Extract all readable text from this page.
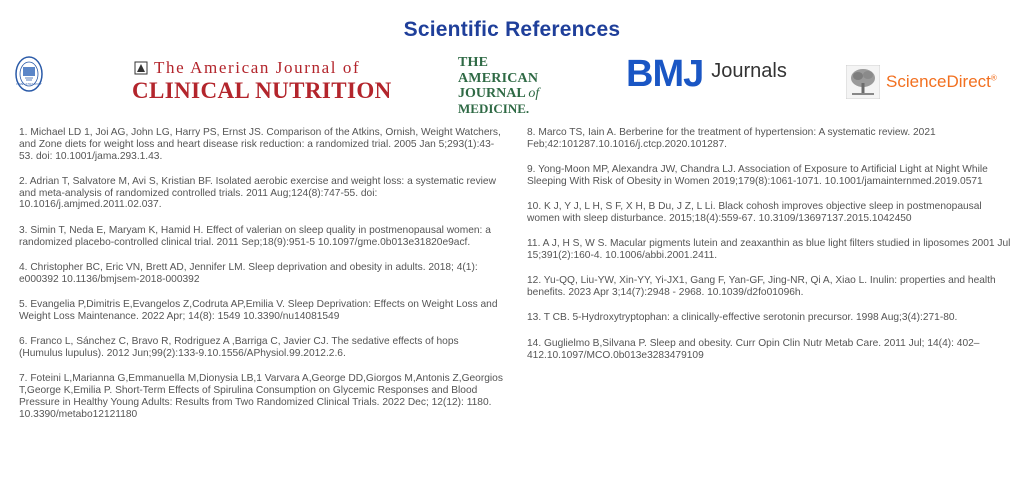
Scientific References
ISSN: 2767-8377
The American Journal of
CLINICAL NUTRITION
THE AMERICAN
JOURNAL of
MEDICINE.
BMJ Journals	ScienceDirect®

1. Michael LD 1, Joi AG, John LG, Harry PS, Ernst JS. Comparison of the Atkins, Ornish, Weight Watchers, and Zone diets for weight loss and heart disease risk reduction: a randomized trial. 2005 Jan 5;293(1):43-53. doi: 10.1001/jama.293.1.43.

2. Adrian T, Salvatore M, Avi S, Kristian BF. Isolated aerobic exercise and weight loss: a systematic review and meta-analysis of randomized controlled trials. 2011 Aug;124(8):747-55. doi: 10.1016/j.amjmed.2011.02.037.

3. Simin T, Neda E, Maryam K, Hamid H. Effect of valerian on sleep quality in postmenopausal women: a randomized placebo-controlled clinical trial. 2011 Sep;18(9):951-5 10.1097/gme.0b013e31820e9acf.

4. Christopher BC, Eric VN, Brett AD, Jennifer LM. Sleep deprivation and obesity in adults. 2018; 4(1): e000392 10.1136/bmjsem-2018-000392

5. Evangelia P,Dimitris E,Evangelos Z,Codruta AP,Emilia V. Sleep Deprivation: Effects on Weight Loss and Weight Loss Maintenance. 2022 Apr; 14(8): 1549 10.3390/nu14081549

6. Franco L, Sánchez C, Bravo R, Rodriguez A ,Barriga C, Javier CJ. The sedative effects of hops (Humulus lupulus). 2012 Jun;99(2):133-9.10.1556/APhysiol.99.2012.2.6.

7. Foteini L,Marianna G,Emmanuella M,Dionysia LB,1 Varvara A,George DD,Giorgos M,Antonis Z,Georgios T,George K,Emilia P. Short-Term Effects of Spirulina Consumption on Glycemic Responses and Blood Pressure in Healthy Young Adults: Results from Two Randomized Clinical Trials. 2022 Dec; 12(12): 1180. 10.3390/metabo12121180

8. Marco TS, Iain A. Berberine for the treatment of hypertension: A systematic review. 2021 Feb;42:101287.10.1016/j.ctcp.2020.101287.

9. Yong-Moon MP, Alexandra JW, Chandra LJ. Association of Exposure to Artificial Light at Night While Sleeping With Risk of Obesity in Women 2019;179(8):1061-1071. 10.1001/jamainternmed.2019.0571

10. K J, Y J, L H, S F, X H, B Du, J Z, L Li. Black cohosh improves objective sleep in postmenopausal women with sleep disturbance. 2015;18(4):559-67. 10.3109/13697137.2015.1042450

11. A J, H S, W S. Macular pigments lutein and zeaxanthin as blue light filters studied in liposomes 2001 Jul 15;391(2):160-4. 10.1006/abbi.2001.2411.

12. Yu-QQ, Liu-YW, Xin-YY, Yi-JX1, Gang F, Yan-GF, Jing-NR, Qi A, Xiao L. Inulin: properties and health benefits. 2023 Apr 3;14(7):2948 - 2968. 10.1039/d2fo01096h.

13. T CB. 5-Hydroxytryptophan: a clinically-effective serotonin precursor. 1998 Aug;3(4):271-80.

14. Guglielmo B,Silvana P. Sleep and obesity. Curr Opin Clin Nutr Metab Care. 2011 Jul; 14(4): 402–412.10.1097/MCO.0b013e3283479109
